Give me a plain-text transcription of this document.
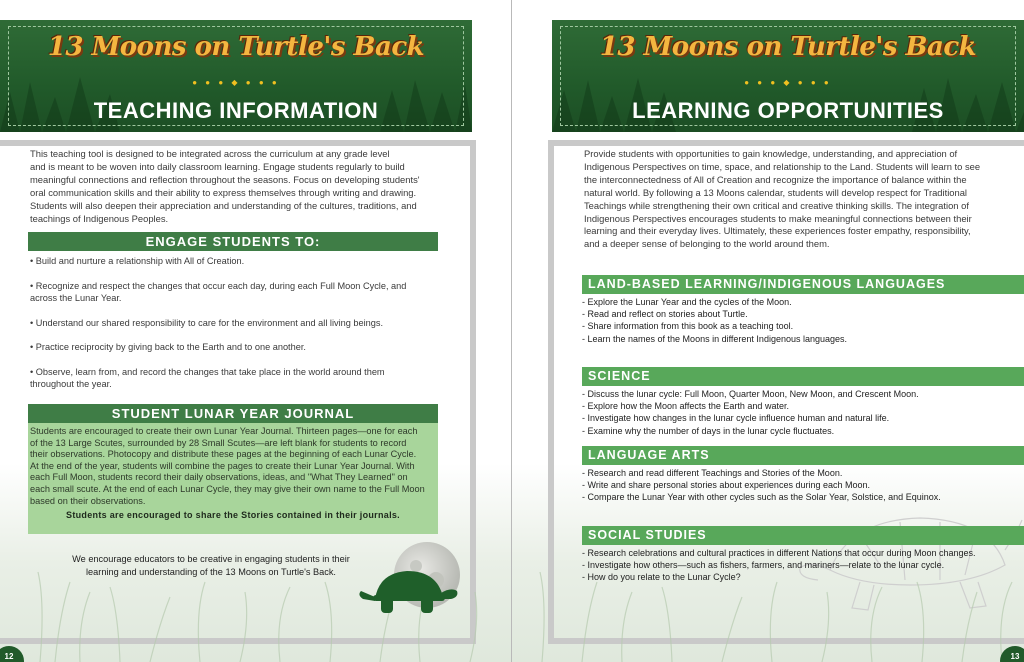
13 Moons on Turtle's Back
● ● ● ◆ ● ● ●
TEACHING INFORMATION
This teaching tool is designed to be integrated across the curriculum at any grade level
and is meant to be woven into daily classroom learning. Engage students regularly to build
meaningful connections and reflection throughout the seasons. Focus on developing students'
oral communication skills and their ability to express themselves through writing and drawing.
Students will also deepen their appreciation and understanding of the cultures, traditions, and
teachings of Indigenous Peoples.
ENGAGE STUDENTS TO:
• Build and nurture a relationship with All of Creation.
• Recognize and respect the changes that occur each day, during each Full Moon Cycle, and
across the Lunar Year.
• Understand our shared responsibility to care for the environment and all living beings.
• Practice reciprocity by giving back to the Earth and to one another.
• Observe, learn from, and record the changes that take place in the world around them
throughout the year.
STUDENT LUNAR YEAR JOURNAL
Students are encouraged to create their own Lunar Year Journal. Thirteen pages—one for each
of the 13 Large Scutes, surrounded by 28 Small Scutes—are left blank for students to record
their observations. Photocopy and distribute these pages at the beginning of each Lunar Cycle.
At the end of the year, students will combine the pages to create their Lunar Year Journal. With
each Full Moon, students record their daily observations, ideas, and "What They Learned" on
each small scute. At the end of each Lunar Cycle, they may give their own name to the Full Moon
based on their observations.
Students are encouraged to share the Stories contained in their journals.
We encourage educators to be creative in engaging students in their
learning and understanding of the 13 Moons on Turtle's Back.
12
13 Moons on Turtle's Back
● ● ● ◆ ● ● ●
LEARNING OPPORTUNITIES
Provide students with opportunities to gain knowledge, understanding, and appreciation of
Indigenous Perspectives on time, space, and relationship to the Land. Students will learn to see
the interconnectedness of All of Creation and recognize the importance of balance within the
natural world. By following a 13 Moons calendar, students will develop respect for Traditional
Teachings while strengthening their own critical and creative thinking skills. The integration of
Indigenous Perspectives encourages students to make meaningful connections between their
learning and their everyday lives. Ultimately, these experiences foster empathy, responsibility,
and a deeper sense of belonging to the world around them.
LAND-BASED LEARNING/INDIGENOUS LANGUAGES
- Explore the Lunar Year and the cycles of the Moon.
- Read and reflect on stories about Turtle.
- Share information from this book as a teaching tool.
- Learn the names of the Moons in different Indigenous languages.
SCIENCE
- Discuss the lunar cycle: Full Moon, Quarter Moon, New Moon, and Crescent Moon.
- Explore how the Moon affects the Earth and water.
- Investigate how changes in the lunar cycle influence human and natural life.
- Examine why the number of days in the lunar cycle fluctuates.
LANGUAGE ARTS
- Research and read different Teachings and Stories of the Moon.
- Write and share personal stories about experiences during each Moon.
- Compare the Lunar Year with other cycles such as the Solar Year, Solstice, and Equinox.
SOCIAL STUDIES
- Research celebrations and cultural practices in different Nations that occur during Moon changes.
- Investigate how others—such as fishers, farmers, and mariners—relate to the lunar cycle.
- How do you relate to the Lunar Cycle?
13
